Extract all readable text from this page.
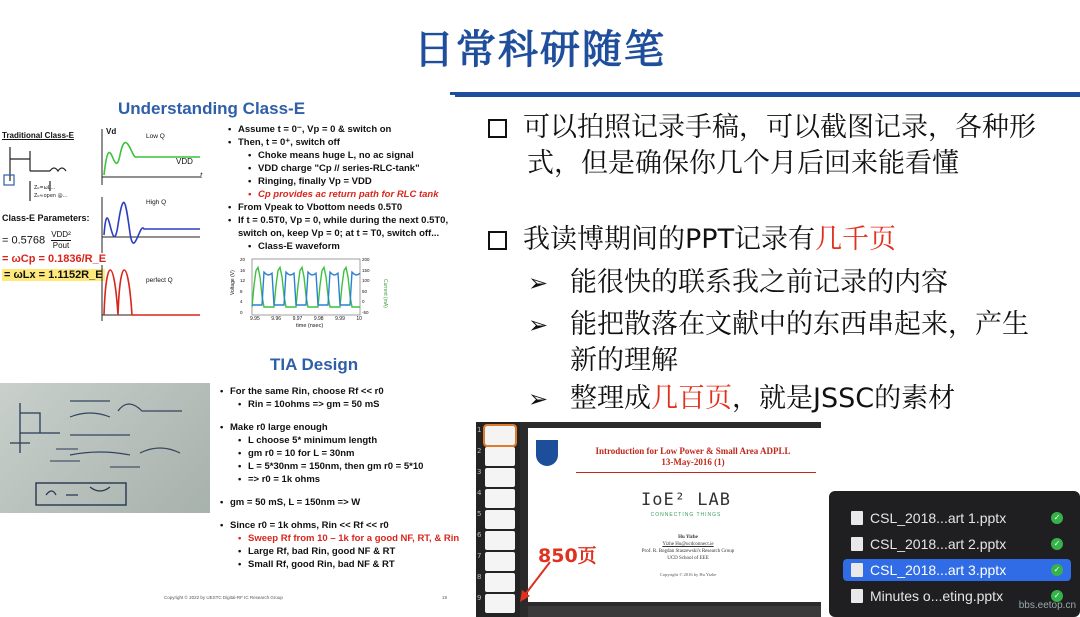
日常科研随笔
可以拍照记录手稿，可以截图记录，各种形
式，但是确保你几个月后回来能看懂
我读博期间的PPT记录有几千页
➢ 能很快的联系我之前记录的内容
➢ 能把散落在文献中的东西串起来，产生
新的理解
➢ 整理成几百页，就是JSSC的素材
Understanding Class-E
Traditional Class-E
Z₀=ωL...
Z₀≈open @...
Class-E Parameters:
= 0.5768 VDD²
Pout
= ωCp = 0.1836/R_E
= ωLx = 1.1152R_E
Vd
Low Q
VDD
t
High Q
perfect Q
• Assume t = 0⁻, Vp = 0 & switch on
• Then, t = 0⁺, switch off
• Choke means huge L, no ac signal
• VDD charge "Cp // series-RLC-tank"
• Ringing, finally Vp = VDD
• Cp provides ac return path for RLC tank
• From Vpeak to Vbottom needs 0.5T0
• If t = 0.5T0, Vp = 0, while during the next 0.5T0,
switch on, keep Vp = 0; at t = T0, switch off...
• Class-E waveform
time (nsec)
Voltage (V)	Current (mA)
9.95 9.96 9.97 9.98 9.99 10
0
4
8
12
16
20
-50
0
50
100
150
200
TIA Design
• For the same Rin, choose Rf << r0
• Rin = 10ohms => gm = 50 mS
• Make r0 large enough
• L choose 5* minimum length
• gm r0 = 10 for L = 30nm
• L = 5*30nm = 150nm, then gm r0 = 5*10
• => r0 = 1k ohms
• gm = 50 mS, L = 150nm => W
• Since r0 = 1k ohms, Rin << Rf << r0
• Sweep Rf from 10 – 1k for a good NF, RT, & Rin
• Large Rf, bad Rin, good NF & RT
• Small Rf, good Rin, bad NF & RT
Copyright © 2022 by UESTC Digital-RF IC Research Group	19
1
2
3
4
5
6
7
8
9
Introduction for Low Power & Small Area ADPLL
13-May-2016 (1)
IoE² LAB
CONNECTING THINGS
Hu Yizhe
Yizhe Hu@ucdconnect.ie
Prof. R. Bogdan Staszewski's Research Group
UCD School of EEE
Copyright © 2016 by Hu Yizhe
850页
CSL_2018...art 1.pptx	✓
CSL_2018...art 2.pptx	✓
CSL_2018...art 3.pptx	✓
Minutes o...eting.pptx	✓
bbs.eetop.cn
